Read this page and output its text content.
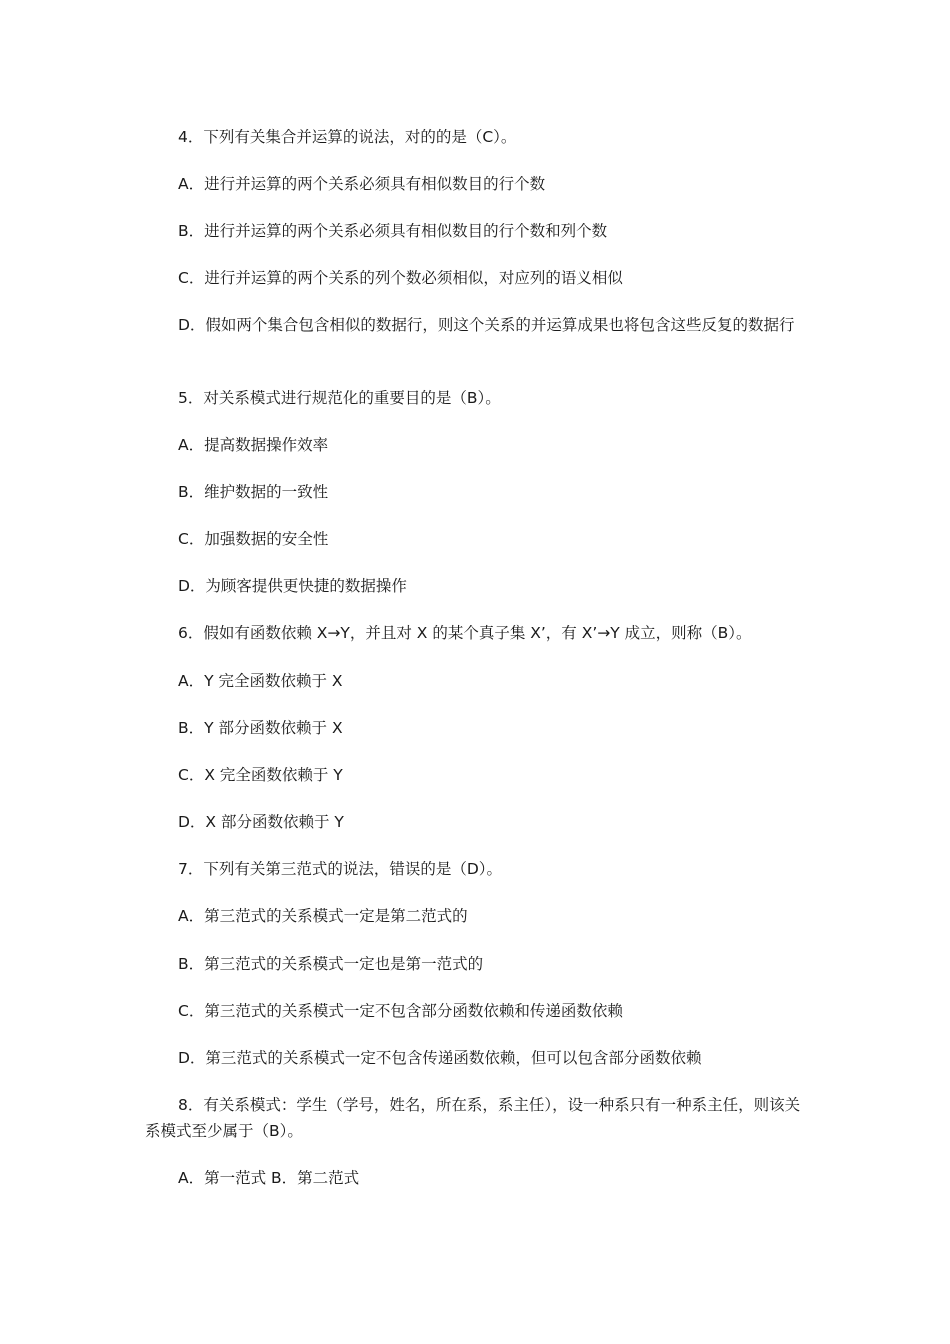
4．下列有关集合并运算的说法，对的的是（C）。

A．进行并运算的两个关系必须具有相似数目的行个数

B．进行并运算的两个关系必须具有相似数目的行个数和列个数

C．进行并运算的两个关系的列个数必须相似，对应列的语义相似

D．假如两个集合包含相似的数据行，则这个关系的并运算成果也将包含这些反复的数据行

5．对关系模式进行规范化的重要目的是（B）。

A．提高数据操作效率

B．维护数据的一致性

C．加强数据的安全性

D．为顾客提供更快捷的数据操作

6．假如有函数依赖 X→Y，并且对 X 的某个真子集 X’，有 X’→Y 成立，则称（B）。

A．Y 完全函数依赖于 X

B．Y 部分函数依赖于 X

C．X 完全函数依赖于 Y

D．X 部分函数依赖于 Y

7．下列有关第三范式的说法，错误的是（D）。

A．第三范式的关系模式一定是第二范式的

B．第三范式的关系模式一定也是第一范式的

C．第三范式的关系模式一定不包含部分函数依赖和传递函数依赖

D．第三范式的关系模式一定不包含传递函数依赖，但可以包含部分函数依赖

8．有关系模式：学生（学号，姓名，所在系，系主任），设一种系只有一种系主任，则该关系模式至少属于（B）。

A．第一范式 B．第二范式
